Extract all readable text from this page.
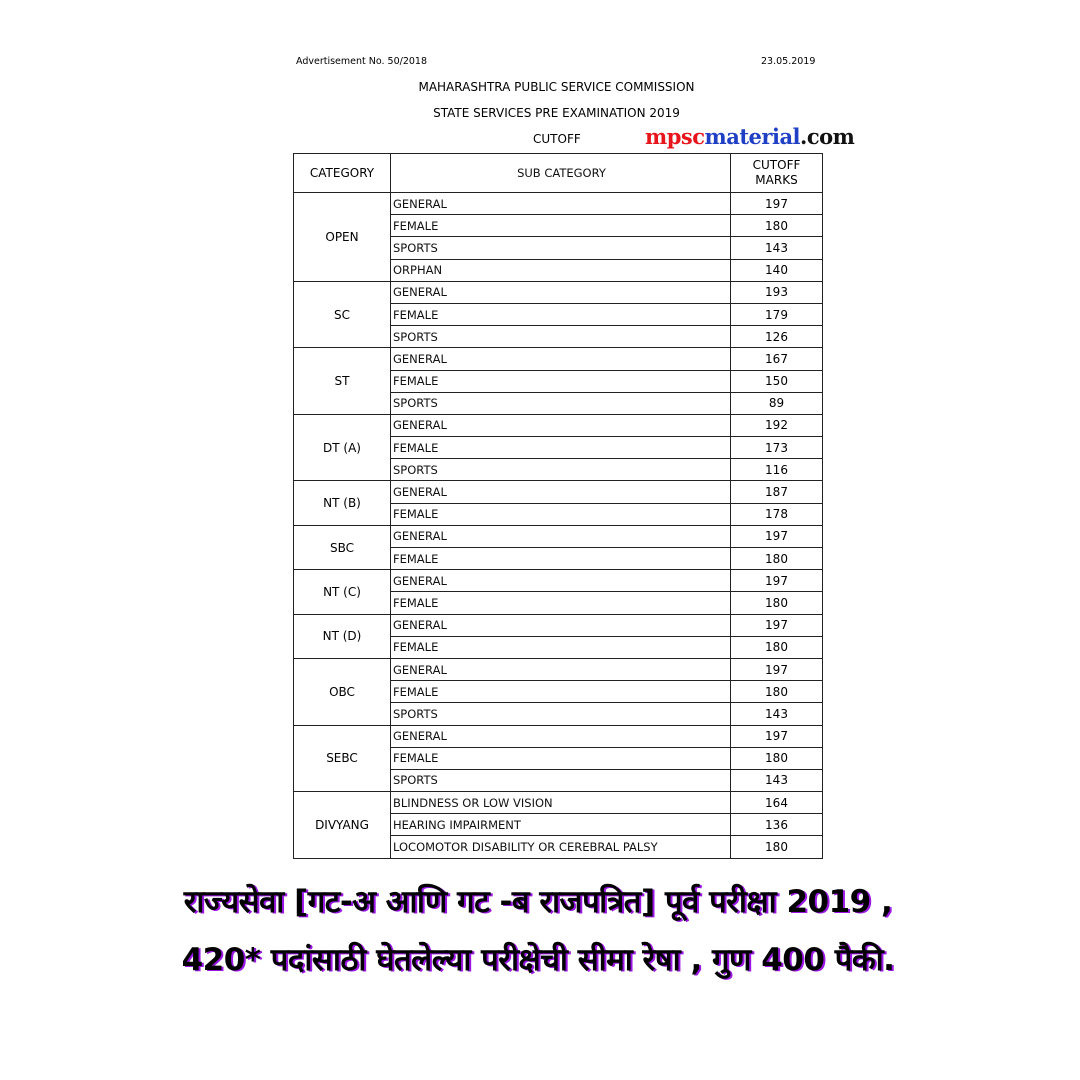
Advertisement No. 50/2018	23.05.2019
MAHARASHTRA PUBLIC SERVICE COMMISSION
STATE SERVICES PRE EXAMINATION 2019
CUTOFF	mpscmaterial.com
CATEGORY	SUB CATEGORY	CUTOFF
MARKS
OPEN	GENERAL	197
	FEMALE	180
	SPORTS	143
	ORPHAN	140
SC	GENERAL	193
	FEMALE	179
	SPORTS	126
ST	GENERAL	167
	FEMALE	150
	SPORTS	89
DT (A)	GENERAL	192
	FEMALE	173
	SPORTS	116
NT (B)	GENERAL	187
	FEMALE	178
SBC	GENERAL	197
	FEMALE	180
NT (C)	GENERAL	197
	FEMALE	180
NT (D)	GENERAL	197
	FEMALE	180
OBC	GENERAL	197
	FEMALE	180
	SPORTS	143
SEBC	GENERAL	197
	FEMALE	180
	SPORTS	143
DIVYANG	BLINDNESS OR LOW VISION	164
	HEARING IMPAIRMENT	136
	LOCOMOTOR DISABILITY OR CEREBRAL PALSY	180
राज्यसेवा [गट-अ आणि गट -ब राजपत्रित] पूर्व परीक्षा 2019 ,
420* पदांसाठी घेतलेल्या परीक्षेची सीमा रेषा , गुण 400 पैकी.
